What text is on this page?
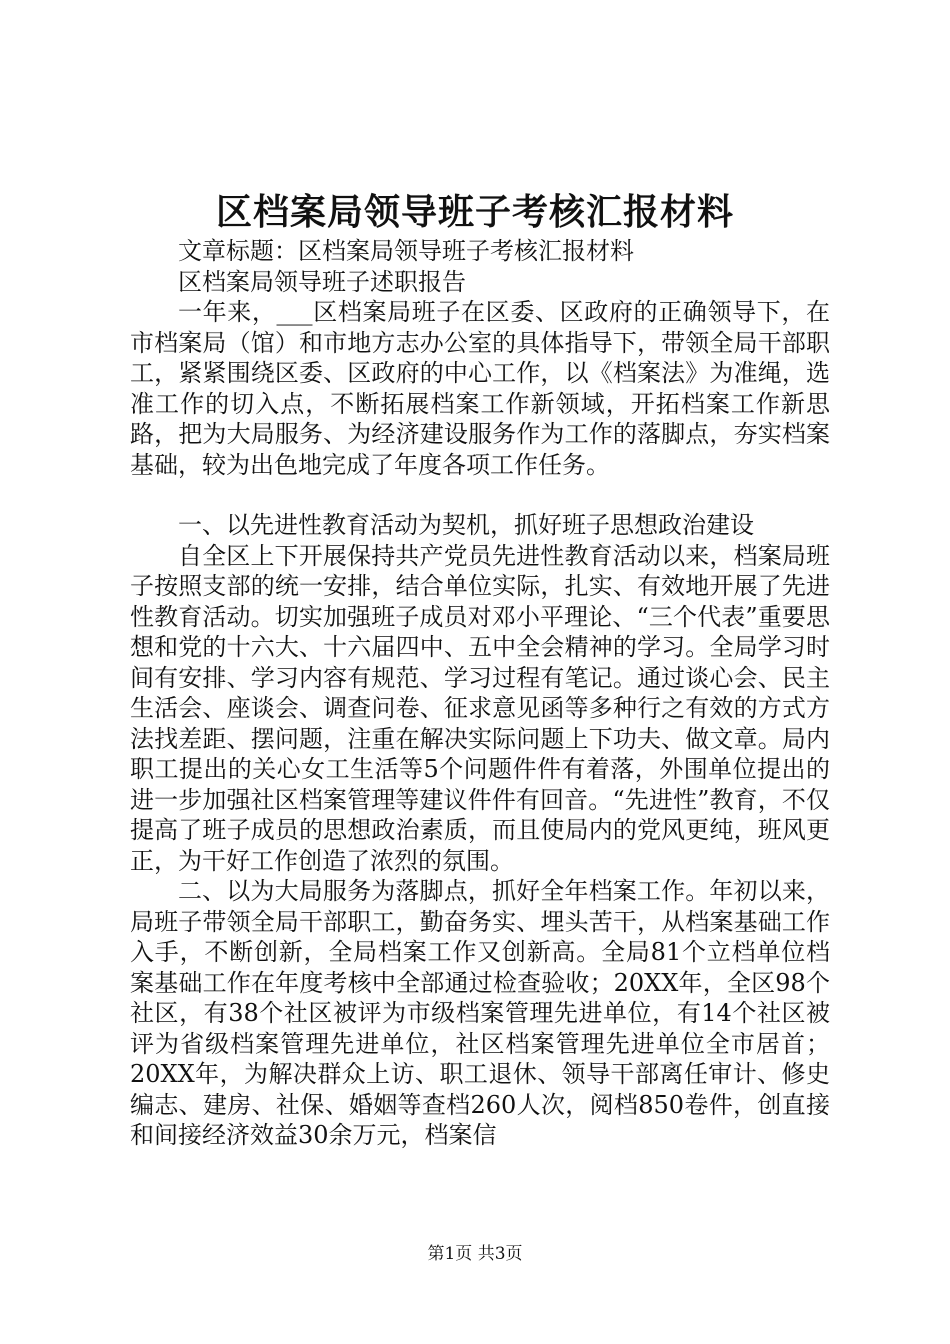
区档案局领导班子考核汇报材料

文章标题：区档案局领导班子考核汇报材料

区档案局领导班子述职报告

一年来，___区档案局班子在区委、区政府的正确领导下，在市档案局（馆）和市地方志办公室的具体指导下，带领全局干部职工，紧紧围绕区委、区政府的中心工作，以《档案法》为准绳，选准工作的切入点，不断拓展档案工作新领域，开拓档案工作新思路，把为大局服务、为经济建设服务作为工作的落脚点，夯实档案基础，较为出色地完成了年度各项工作任务。

一、以先进性教育活动为契机，抓好班子思想政治建设

自全区上下开展保持共产党员先进性教育活动以来，档案局班子按照支部的统一安排，结合单位实际，扎实、有效地开展了先进性教育活动。切实加强班子成员对邓小平理论、“三个代表”重要思想和党的十六大、十六届四中、五中全会精神的学习。全局学习时间有安排、学习内容有规范、学习过程有笔记。通过谈心会、民主生活会、座谈会、调查问卷、征求意见函等多种行之有效的方式方法找差距、摆问题，注重在解决实际问题上下功夫、做文章。局内职工提出的关心女工生活等5个问题件件有着落，外围单位提出的进一步加强社区档案管理等建议件件有回音。“先进性”教育，不仅提高了班子成员的思想政治素质，而且使局内的党风更纯，班风更正，为干好工作创造了浓烈的氛围。

二、以为大局服务为落脚点，抓好全年档案工作。年初以来，局班子带领全局干部职工，勤奋务实、埋头苦干，从档案基础工作入手，不断创新，全局档案工作又创新高。全局81个立档单位档案基础工作在年度考核中全部通过检查验收；20XX年，全区98个社区，有38个社区被评为市级档案管理先进单位，有14个社区被评为省级档案管理先进单位，社区档案管理先进单位全市居首；20XX年，为解决群众上访、职工退休、领导干部离任审计、修史编志、建房、社保、婚姻等查档260人次，阅档850卷件，创直接和间接经济效益30余万元，档案信

第1页 共3页
